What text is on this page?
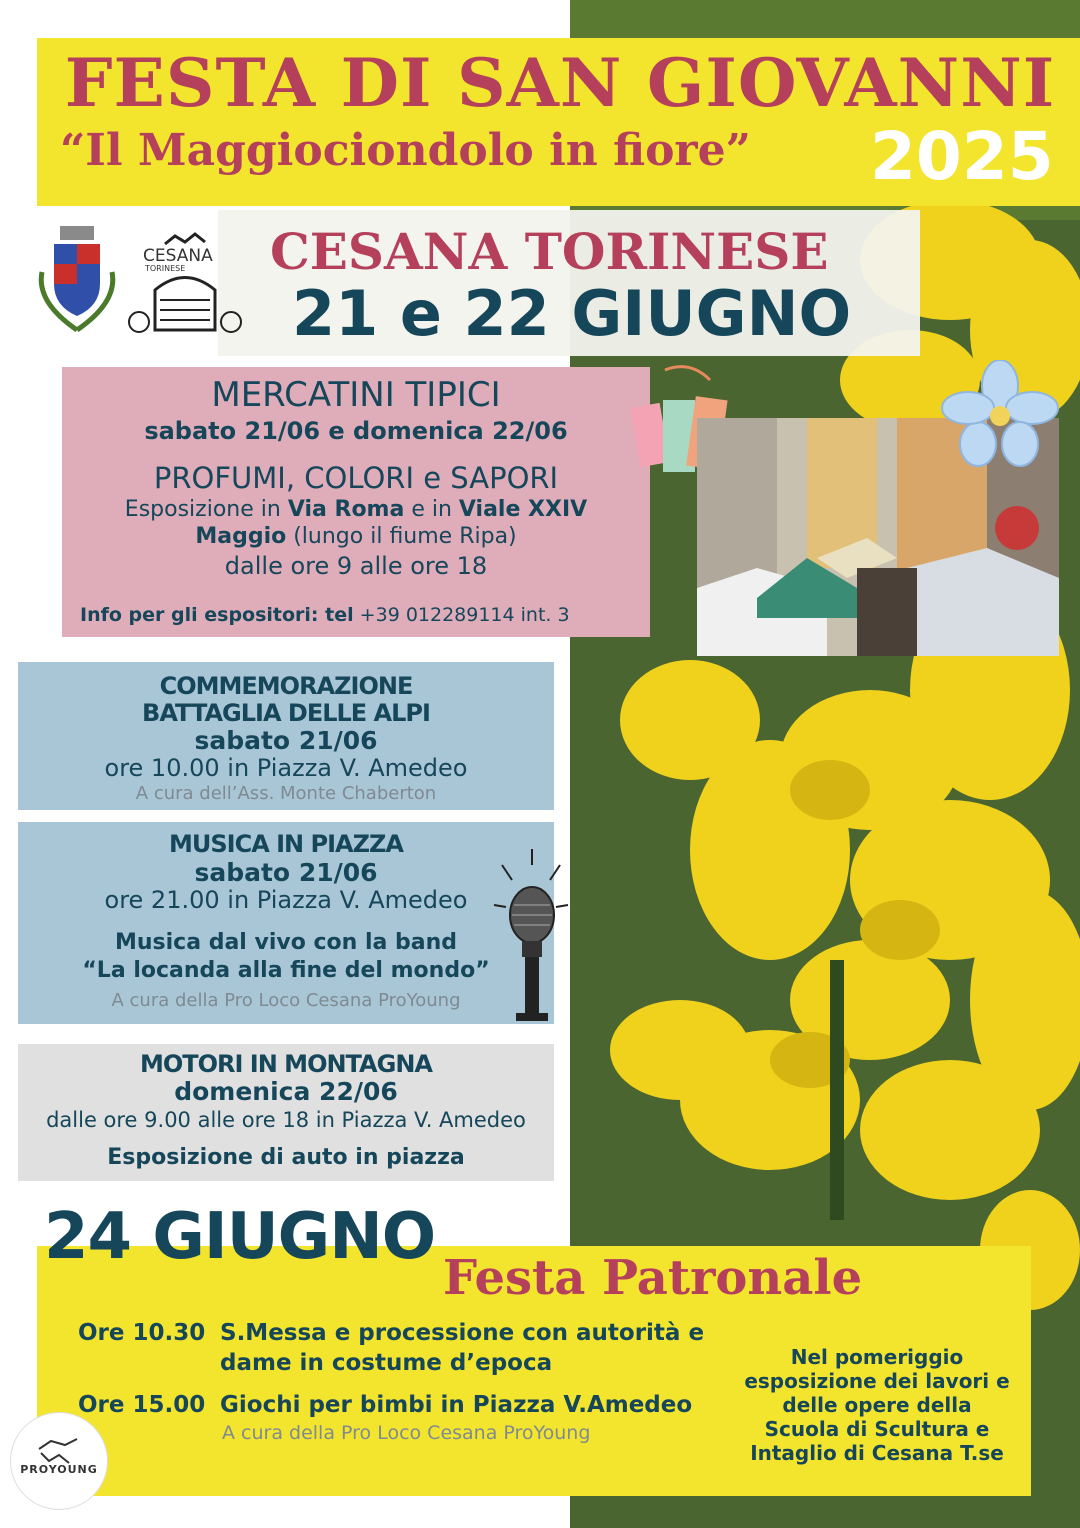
FESTA DI SAN GIOVANNI
“Il Maggiociondolo in fiore” 2025
CESANA TORINESE
21 e 22 GIUGNO
CESANA
TORINESE
MERCATINI TIPICI
sabato 21/06 e domenica 22/06
PROFUMI, COLORI e SAPORI
Esposizione in Via Roma e in Viale XXIV
Maggio (lungo il fiume Ripa)
dalle ore 9 alle ore 18
Info per gli espositori: tel +39 012289114 int. 3
COMMEMORAZIONE
BATTAGLIA DELLE ALPI
sabato 21/06
ore 10.00 in Piazza V. Amedeo
A cura dell’Ass. Monte Chaberton
MUSICA IN PIAZZA
sabato 21/06
ore 21.00 in Piazza V. Amedeo
Musica dal vivo con la band
“La locanda alla fine del mondo”
A cura della Pro Loco Cesana ProYoung
MOTORI IN MONTAGNA
domenica 22/06
dalle ore 9.00 alle ore 18 in Piazza V. Amedeo
Esposizione di auto in piazza
24 GIUGNO
Festa Patronale
Ore 10.30 S.Messa e processione con autorità e
dame in costume d’epoca
Ore 15.00 Giochi per bimbi in Piazza V.Amedeo
A cura della Pro Loco Cesana ProYoung
Nel pomeriggio
esposizione dei lavori e
delle opere della
Scuola di Scultura e
Intaglio di Cesana T.se
PROYOUNG
